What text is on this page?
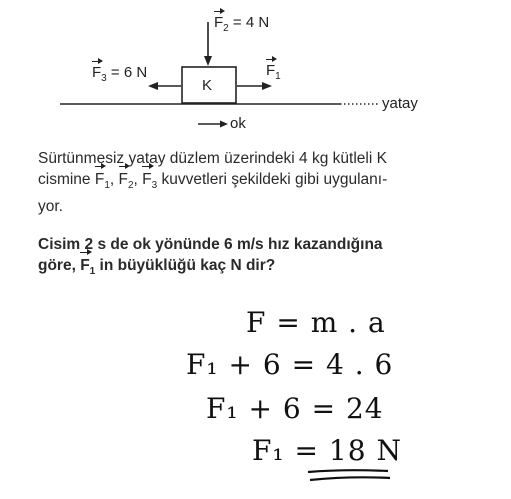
$F_2 = 4$ N
$F_3 = 6$ N	$F_1$
K
yatay
ok
Sürtünmesiz yatay düzlem üzerindeki 4 kg kütleli K
cismine $F_1$, $F_2$, $F_3$ kuvvetleri şekildeki gibi uygulanı-
yor.
Cisim 2 s de ok yönünde 6 m/s hız kazandığına
göre, $F_1$ in büyüklüğü kaç N dir?
F = m . a
F₁ + 6 = 4 . 6
F₁ + 6 = 24
F₁ = 18 N
